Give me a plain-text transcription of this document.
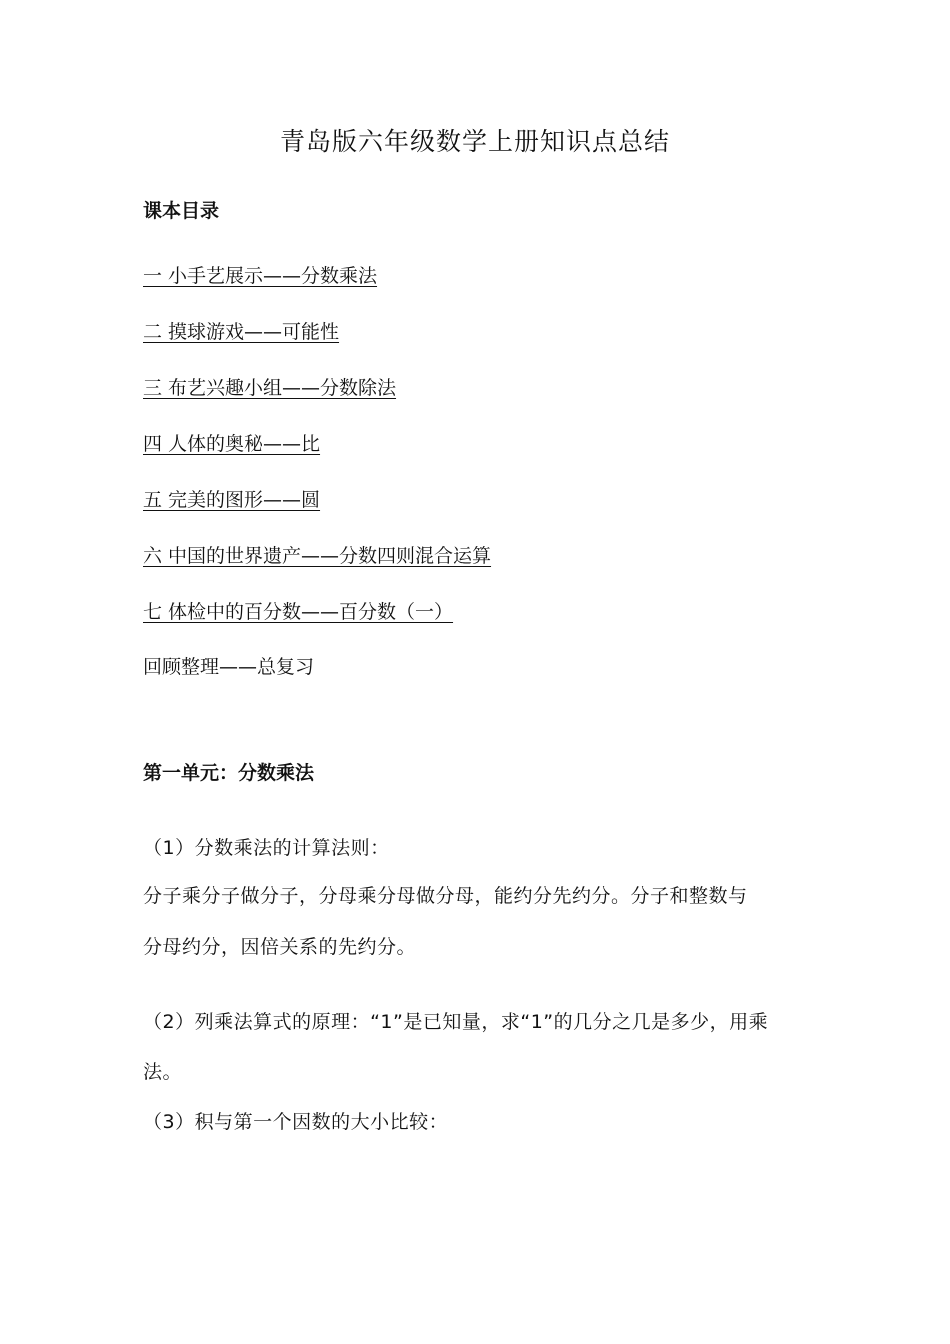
青岛版六年级数学上册知识点总结
课本目录
一 小手艺展示——分数乘法
二 摸球游戏——可能性
三 布艺兴趣小组——分数除法
四 人体的奥秘——比
五 完美的图形——圆
六 中国的世界遗产——分数四则混合运算
七 体检中的百分数——百分数（一）
回顾整理——总复习
第一单元：分数乘法
（1）分数乘法的计算法则：
分子乘分子做分子，分母乘分母做分母，能约分先约分。分子和整数与
分母约分，因倍关系的先约分。
（2）列乘法算式的原理：“1”是已知量，求“1”的几分之几是多少，用乘
法。
（3）积与第一个因数的大小比较：
